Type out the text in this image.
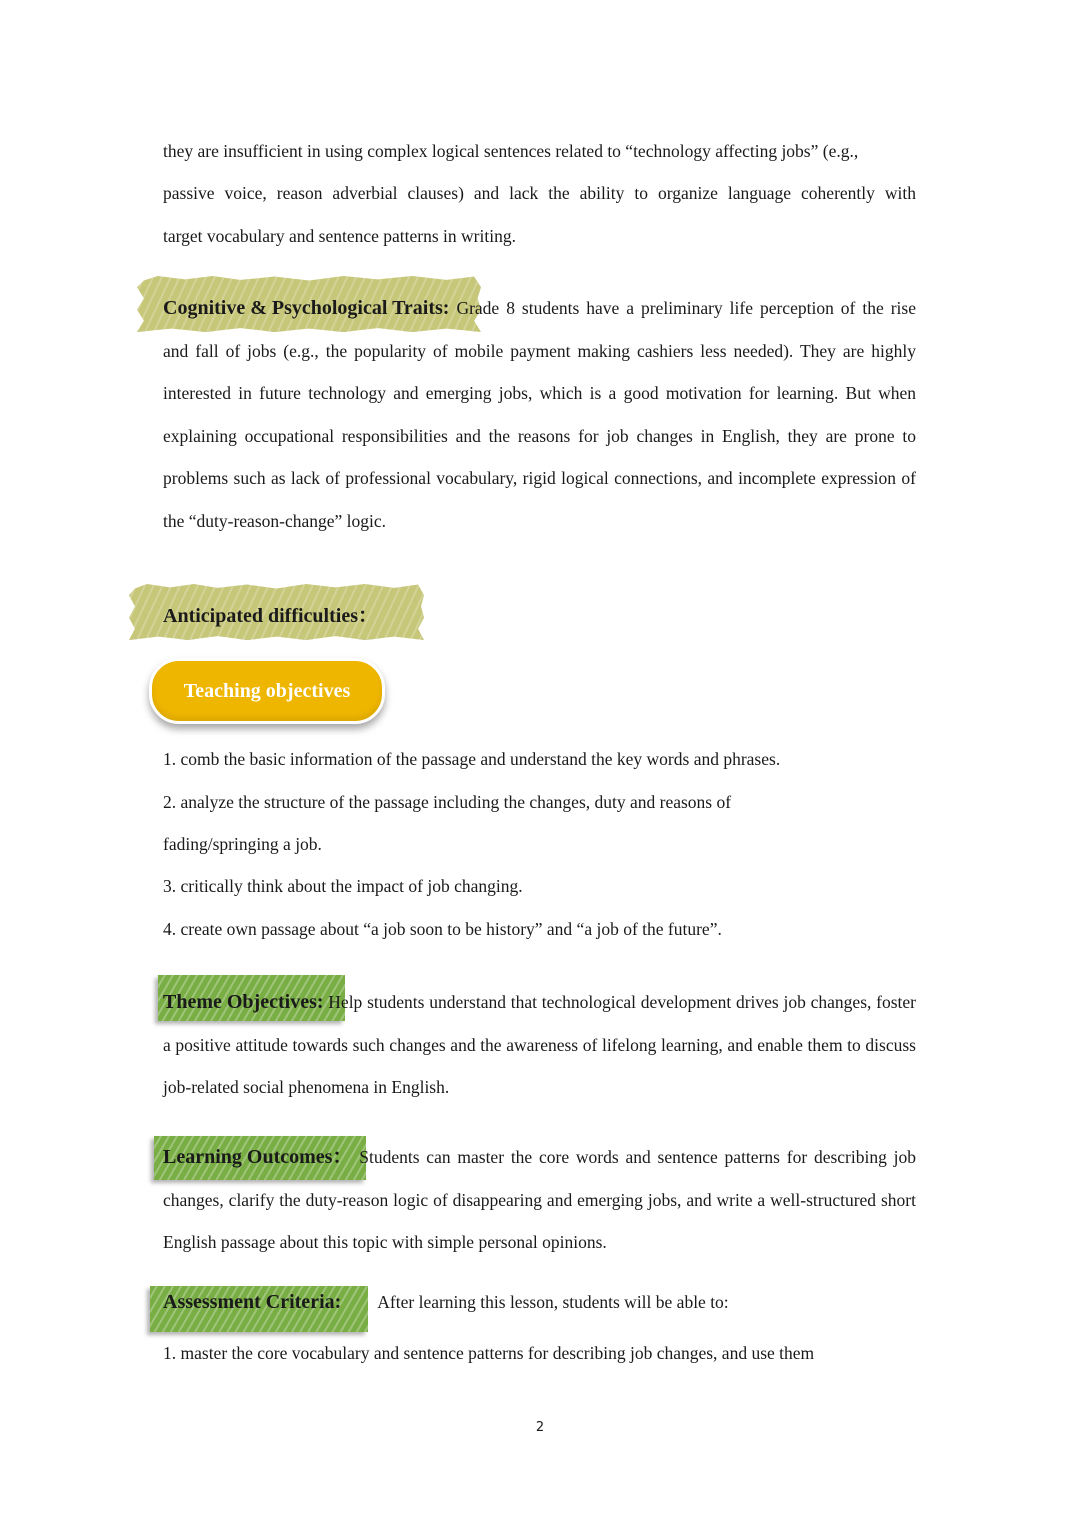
they are insufficient in using complex logical sentences related to “technology affecting jobs” (e.g.,

passive voice, reason adverbial clauses) and lack the ability to organize language coherently with

target vocabulary and sentence patterns in writing.

Cognitive & Psychological Traits: Grade 8 students have a preliminary life perception of the rise and fall of jobs (e.g., the popularity of mobile payment making cashiers less needed). They are highly interested in future technology and emerging jobs, which is a good motivation for learning. But when explaining occupational responsibilities and the reasons for job changes in English, they are prone to problems such as lack of professional vocabulary, rigid logical connections, and incomplete expression of the “duty-reason-change” logic.

Anticipated difficulties：

Teaching objectives

1. comb the basic information of the passage and understand the key words and phrases.

2. analyze the structure of the passage including the changes, duty and reasons of

fading/springing a job.

3. critically think about the impact of job changing.

4. create own passage about “a job soon to be history” and “a job of the future”.

Theme Objectives: Help students understand that technological development drives job changes, foster a positive attitude towards such changes and the awareness of lifelong learning, and enable them to discuss job-related social phenomena in English.

Learning Outcomes： Students can master the core words and sentence patterns for describing job changes, clarify the duty-reason logic of disappearing and emerging jobs, and write a well-structured short English passage about this topic with simple personal opinions.

Assessment Criteria: After learning this lesson, students will be able to:

1. master the core vocabulary and sentence patterns for describing job changes, and use them

2
